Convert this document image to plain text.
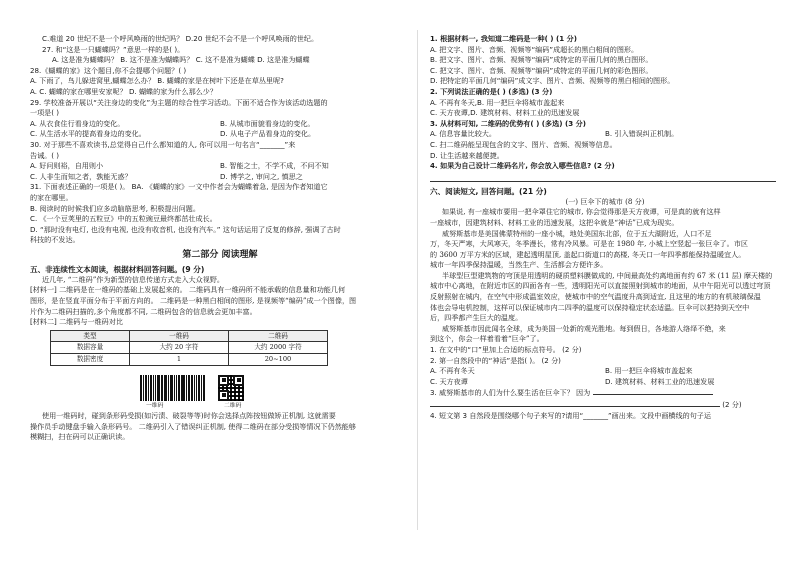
C.难道 20 世纪不是一个呼风唤雨的世纪吗？ D.20 世纪不会不是一个呼风唤雨的世纪。
27. 和“这是一只蝴蝶吗？”意思一样的是( )。
A. 这是准为蝴蝶吗？ B. 这不是准为蝴蝶吗？ C. 这不是准为蝴蝶 D. 这是准为蝴蝶
28.《蝴蝶的家》这个题目,你不会提哪个问题？( )
A. 下雨了，鸟儿躲进窝里,蝴蝶怎么办？ B. 蝴蝶的家是在树叶下还是在草丛里呢?
A. C. 蝴蝶的家在哪里安家呢？ D. 蝴蝶的家为什么那么少？
29. 学校准备开展以“关注身边的变化”为主题的综合性学习活动。下面不适合作为该活动选题的
一项是( )
A. 从衣食住行看身边的变化。	B. 从城市面貌看身边的变化。
C. 从生活水平的提高看身边的变化。	D. 从电子产品看身边的变化。
30. 对于那些不喜欢读书,总觉得自己什么都知道的人, 你可以用一句名言“_______”来
告诫。( )
A. 好问则裕，自用则小	B. 智能之士，不学不成，不问不知
C. 人非生而知之者，孰能无惑？	D. 博学之, 审问之, 慎思之
31. 下面表述正确的一项是( )。 BA. 《蝴蝶的家》一文中作者会为蝴蝶着急, 是因为作者知道它
的家在哪里。
B. 阅读时的时候我们应多动脑筋思考, 积极提出问题。
C. 《一个豆荚里的五粒豆》中的五粒豌豆最终都茁壮成长。
D. “那时没有电灯, 也没有电视, 也没有收音机, 也没有汽车。” 这句话运用了反复的修辞, 强调了古时
科技的不发达。
第二部分 阅读理解
五、非连续性文本阅读，根据材料回答问题。(9 分)
近几年, “二维码”作为新型的信息传递方式走入大众视野。
[材料一] 二维码是在一维码的基础上发展起来的。 二维码具有一维码所不能承载的信息量和功能几何
图形，是在竖直平面分布于平面方向的。 二维码是一种黑白相间的图形, 是视频等“编码”成一个图像，图
片作为二维码扫描的,多个角度都不同, 二维码包含的信息就会更加丰富。
[材料二] 二维码与一维码对比
类型	一维码	二维码
数据容量	大约 20 字符	大约 2000 字符
数据密度	1	20~100
一维码	二维码
使用一维码时，碰到条形码受损(如污渍、破裂等等)时你会选择点阵按钮做矫正机制, 这就需要
操作员手动键盘手输入条形码号。 二维码引入了错误纠正机制, 使得二维码在部分受损等情况下仍然能够
模糊扫，扫在码可以正确识读。
1. 根据材料一, 我知道二维码是一种( ) (1 分)
A. 把文字、图片、音频、视频等“编码”成超长的黑白相间的图形。
B. 把文字、图片、音频、视频等“编码”成特定的平面几何的黑白图形。
C. 把文字、图片、音频、视频等“编码”成特定的平面几何的彩色图形。
D. 把特定的平面几何“编码”成文字、图片、音频、视频等的黑白相间的图形。
2. 下列说法正确的是( ) (多选) (3 分)
A. 不再有冬天,B. 用一把巨伞将城市盖起来
C. 天方夜谭,D. 建筑材料、材料工业的迅速发展
3. 从材料可知, 二维码的优势有( ) (多选) (3 分)
A. 信息容量比较大。	B. 引入错误纠正机制。
C. 扫二维码能呈现包含的文字、图片、音频、视频等信息。
D. 让生活越来越便捷。
4. 如果为自己设计二维码名片, 你会放入哪些信息? (2 分)
六、阅读短文, 回答问题。(21 分)
(一) 巨伞下的城市 (8 分)
如果说, 有一座城市要用一把伞罩住它的城市, 你会觉得那是天方夜谭，可是真的就有这样
一座城市，因建筑材料、材料工业的迅速发展，这把伞就是“神话”已成为现实。
威努斯基市是美国佛蒙特州的一座小城，地处美国东北部，位于五大湖附近，人口不足
万，冬天严寒，大风寒天，冬季漫长，常有冷风暴。可是在 1980 年, 小城上空竖起一张巨伞了。市区
的 3600 万平方米的区域，建起透明屋顶, 盖起口街道口的高楼, 冬天口一年四季都能保持温暖宜人。
城市一年四季保持温暖，当然生产、生活都会方便许多。
半球型巨型建筑物的穹顶是用透明的硬质塑料膜做成的, 中间最高处约离地面有约 67 米 (11 层) 摩天楼的
城市中心离地，在附近市区的四面各有一些，透明阳光可以直接照射到城市的地面，从中午阳光可以透过穹顶
反射照射在城内，在空气中形成温室效应，使城市中的空气温度升高到适宜, 且这里的地方的有机玻璃保温
体也会导电机控制，这样可以保证城市内二四季的温度可以保持稳定状态适温。巨伞可以把持到天空中
后，四季都产生巨大的温度。
威努斯基市因此闻名全球，成为美国一处新的观光胜地。每到假日，各地游人络绎不绝，来
到这个，你会一样着看着“巨伞”了。
1. 在文中的“口”里加上合适的标点符号。 (2 分)
2. 第一自然段中的“神话”是指( )。 (2 分)
A. 不再有冬天	B. 用一把巨伞将城市盖起来
C. 天方夜谭	D. 建筑材料、材料工业的迅速发展
3. 威努斯基市的人们为什么要生活在巨伞下？ 因为
(2 分)
4. 短文第 3 自然段是围绕哪个句子来写的?请用“_______”画出来。文段中画横线的句子运
